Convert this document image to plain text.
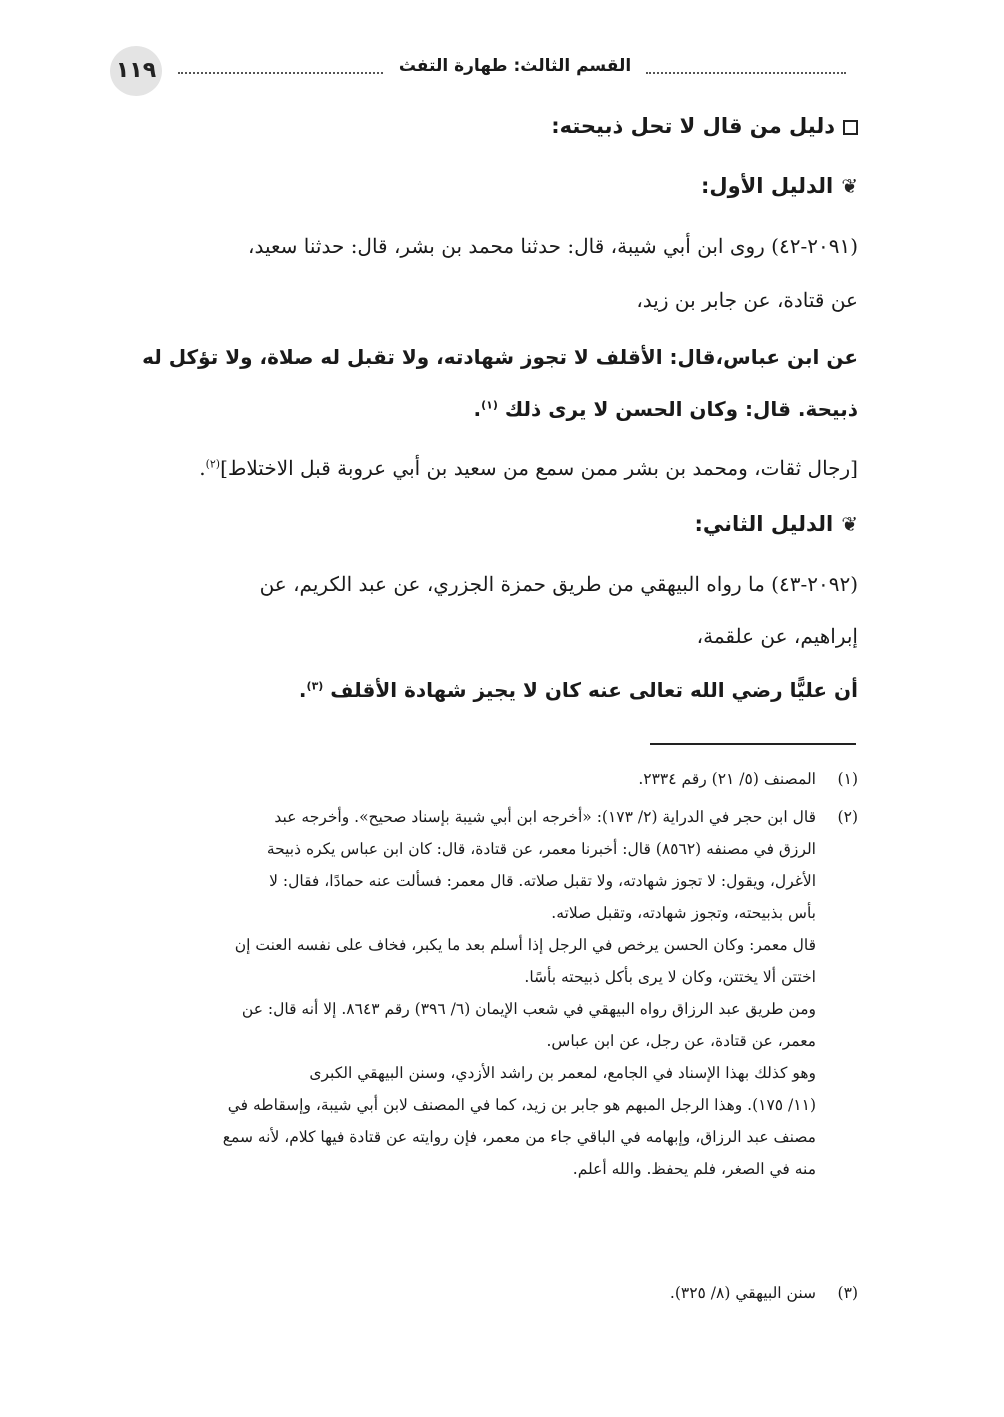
١١٩	القسم الثالث: طهارة التفث
دليل من قال لا تحل ذبيحته:
❦الدليل الأول:
(٢٠٩١-٤٢) روى ابن أبي شيبة، قال: حدثنا محمد بن بشر، قال: حدثنا سعيد،
عن قتادة، عن جابر بن زيد،
عن ابن عباس،قال: الأقلف لا تجوز شهادته، ولا تقبل له صلاة، ولا تؤكل له
ذبيحة. قال: وكان الحسن لا يرى ذلك $^{(١)}$.
[رجال ثقات، ومحمد بن بشر ممن سمع من سعيد بن أبي عروبة قبل الاختلاط]$^{(٢)}$.
❦الدليل الثاني:
(٢٠٩٢-٤٣) ما رواه البيهقي من طريق حمزة الجزري، عن عبد الكريم، عن
إبراهيم، عن علقمة،
أن عليًّا رضي الله تعالى عنه كان لا يجيز شهادة الأقلف $^{(٣)}$.
(١)المصنف (٥/ ٢١) رقم ٢٣٣٤.
(٢)قال ابن حجر في الدراية (٢/ ١٧٣): «أخرجه ابن أبي شيبة بإسناد صحيح». وأخرجه عبد
الرزق في مصنفه (٨٥٦٢) قال: أخبرنا معمر، عن قتادة، قال: كان ابن عباس يكره ذبيحة
الأغرل، ويقول: لا تجوز شهادته، ولا تقبل صلاته. قال معمر: فسألت عنه حمادًا، فقال: لا
بأس بذبيحته، وتجوز شهادته، وتقبل صلاته.
قال معمر: وكان الحسن يرخص في الرجل إذا أسلم بعد ما يكبر، فخاف على نفسه العنت إن
اختتن ألا يختتن، وكان لا يرى بأكل ذبيحته بأسًا.
ومن طريق عبد الرزاق رواه البيهقي في شعب الإيمان (٦/ ٣٩٦) رقم ٨٦٤٣. إلا أنه قال: عن
معمر، عن قتادة، عن رجل، عن ابن عباس.
وهو كذلك بهذا الإسناد في الجامع، لمعمر بن راشد الأزدي، وسنن البيهقي الكبرى
(١١/ ١٧٥). وهذا الرجل المبهم هو جابر بن زيد، كما في المصنف لابن أبي شيبة، وإسقاطه في
مصنف عبد الرزاق، وإبهامه في الباقي جاء من معمر، فإن روايته عن قتادة فيها كلام، لأنه سمع
منه في الصغر، فلم يحفظ. والله أعلم.
(٣)سنن البيهقي (٨/ ٣٢٥).
